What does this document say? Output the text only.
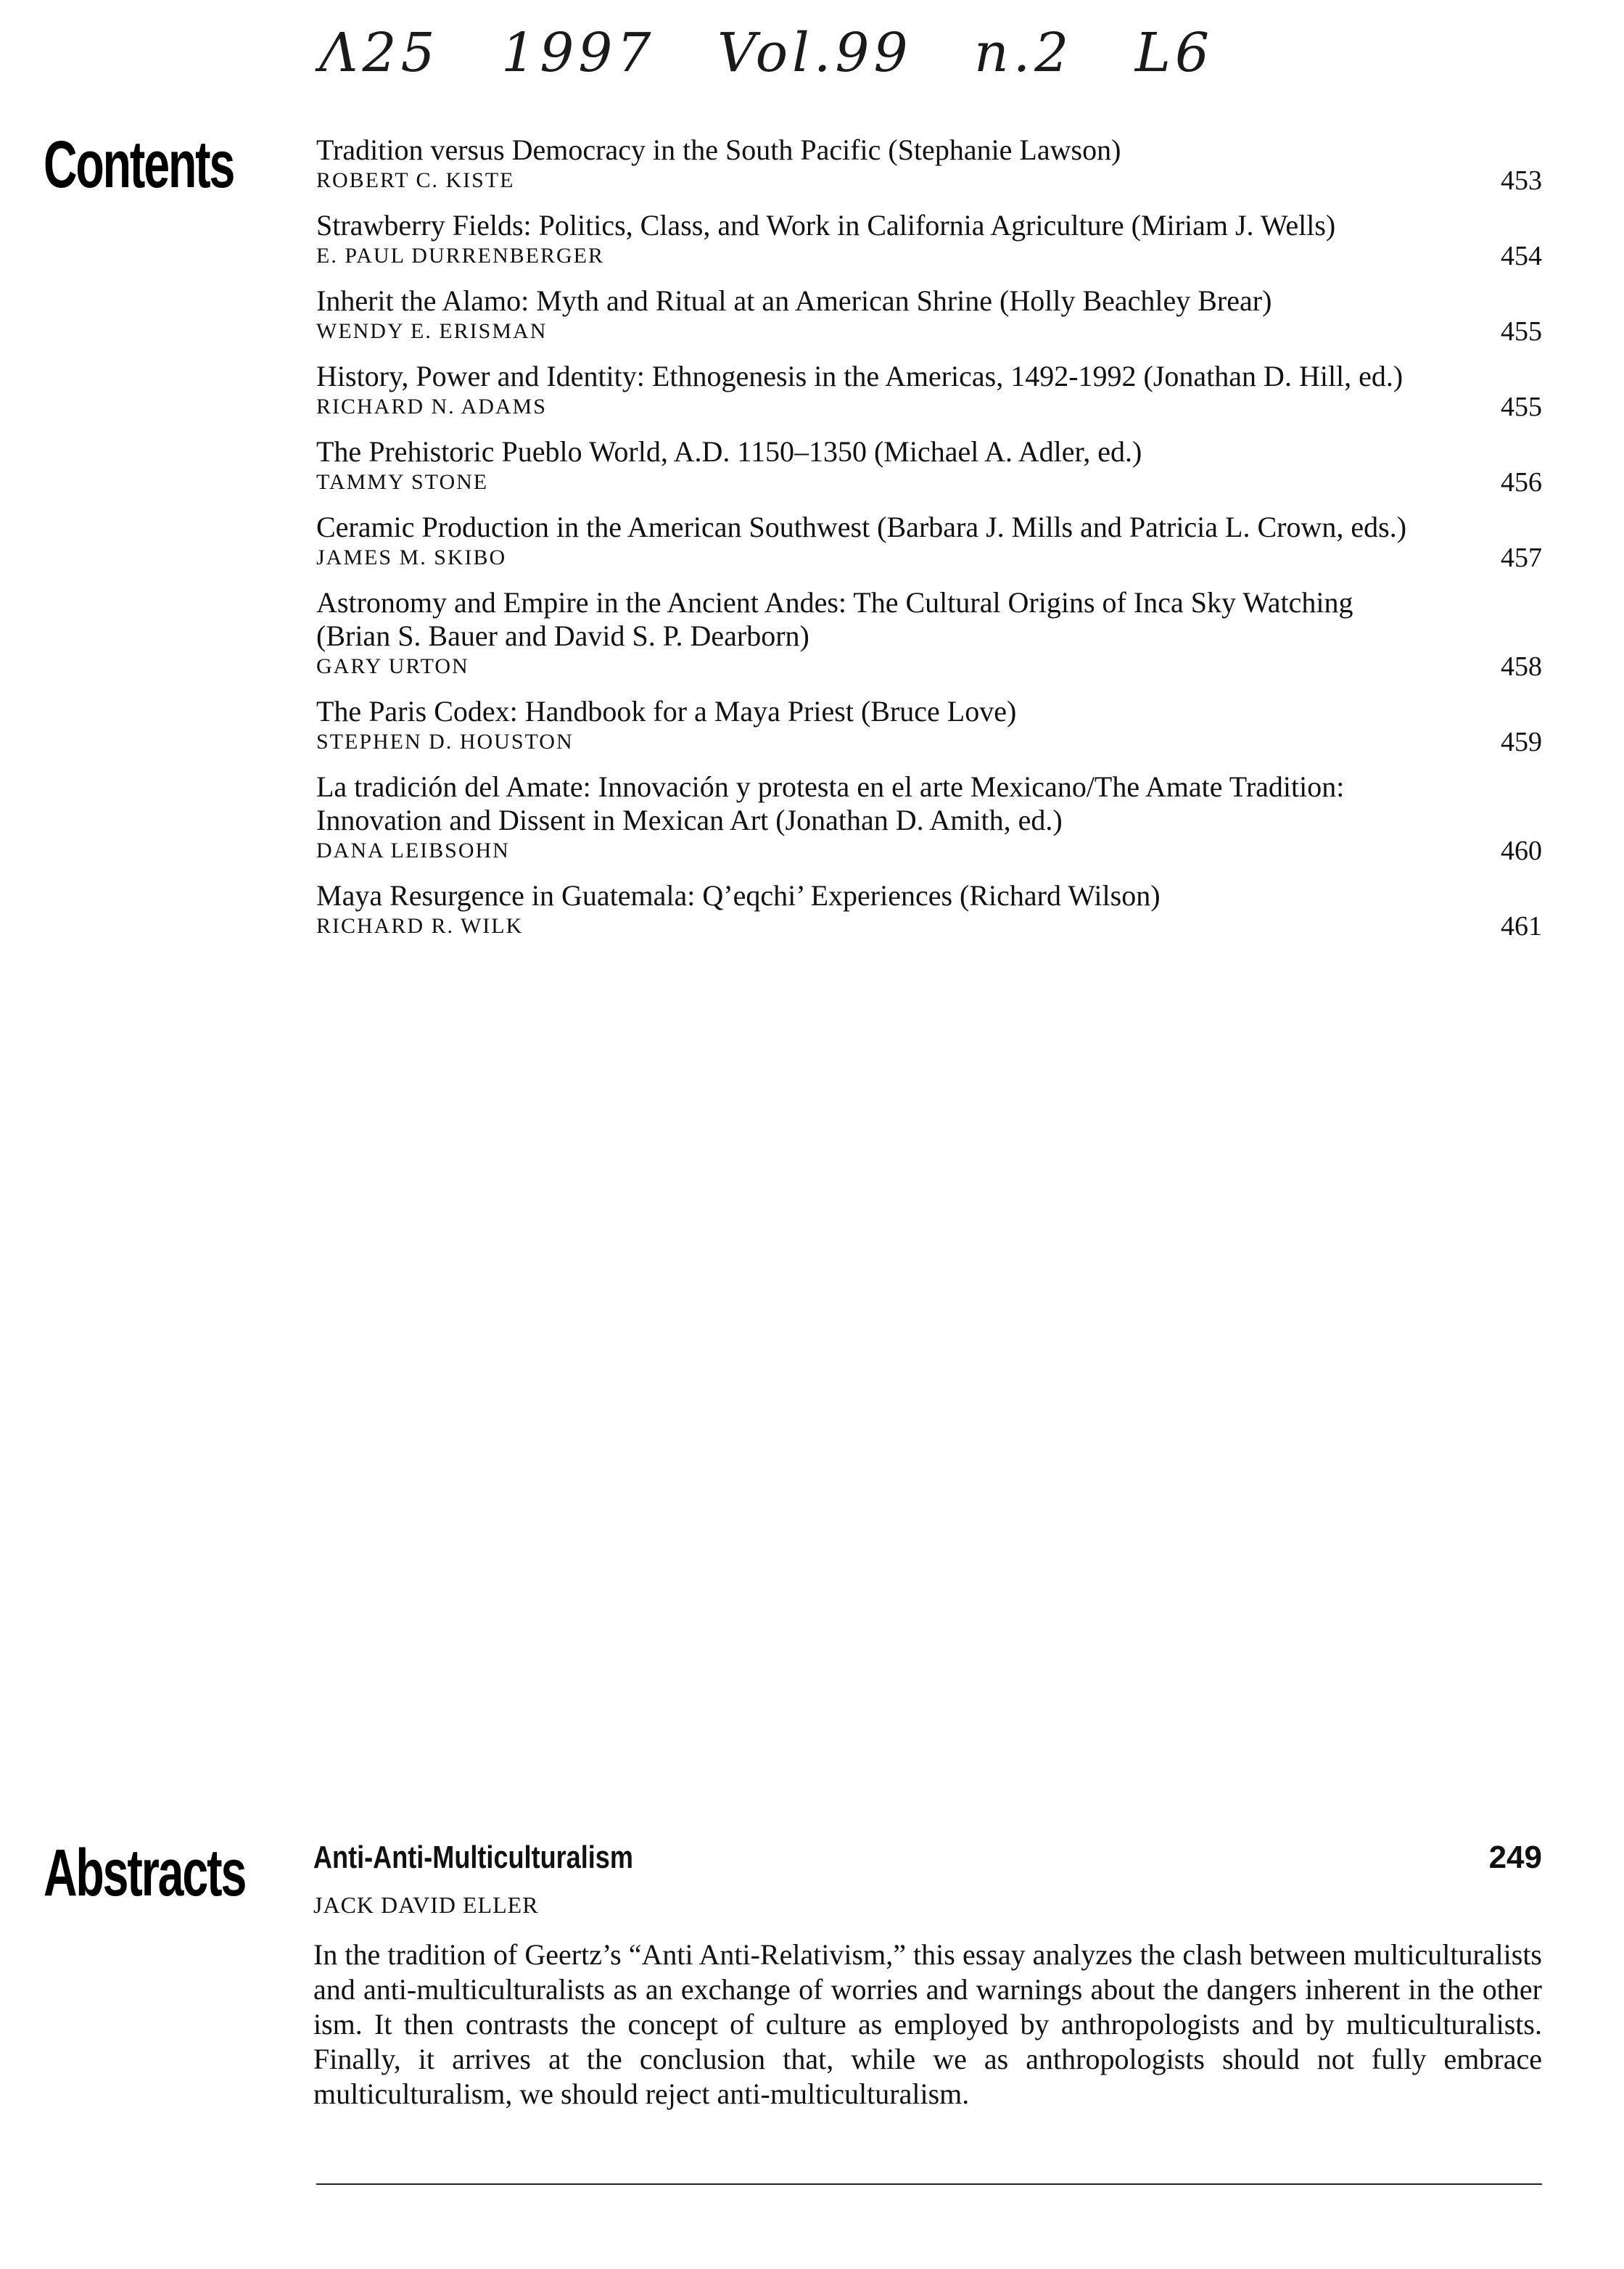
Λ25 1997 Vol.99 n.2 L6
Contents	Tradition versus Democracy in the South Pacific (Stephanie Lawson)
ROBERT C. KISTE	453
Strawberry Fields: Politics, Class, and Work in California Agriculture (Miriam J. Wells)
E. PAUL DURRENBERGER	454
Inherit the Alamo: Myth and Ritual at an American Shrine (Holly Beachley Brear)
WENDY E. ERISMAN	455
History, Power and Identity: Ethnogenesis in the Americas, 1492-1992 (Jonathan D. Hill, ed.)
RICHARD N. ADAMS	455
The Prehistoric Pueblo World, A.D. 1150–1350 (Michael A. Adler, ed.)
TAMMY STONE	456
Ceramic Production in the American Southwest (Barbara J. Mills and Patricia L. Crown, eds.)
JAMES M. SKIBO	457
Astronomy and Empire in the Ancient Andes: The Cultural Origins of Inca Sky Watching (Brian S. Bauer and David S. P. Dearborn)
GARY URTON	458
The Paris Codex: Handbook for a Maya Priest (Bruce Love)
STEPHEN D. HOUSTON	459
La tradición del Amate: Innovación y protesta en el arte Mexicano/The Amate Tradition: Innovation and Dissent in Mexican Art (Jonathan D. Amith, ed.)
DANA LEIBSOHN	460
Maya Resurgence in Guatemala: Q’eqchi’ Experiences (Richard Wilson)
RICHARD R. WILK	461
Abstracts Anti-Anti-Multiculturalism	249
JACK DAVID ELLER
In the tradition of Geertz’s “Anti Anti-Relativism,” this essay analyzes the clash between multiculturalists and anti-multiculturalists as an exchange of worries and warnings about the dangers inherent in the other ism. It then contrasts the concept of culture as employed by anthropologists and by multiculturalists. Finally, it arrives at the conclusion that, while we as anthropologists should not fully embrace multiculturalism, we should reject anti-multiculturalism.
